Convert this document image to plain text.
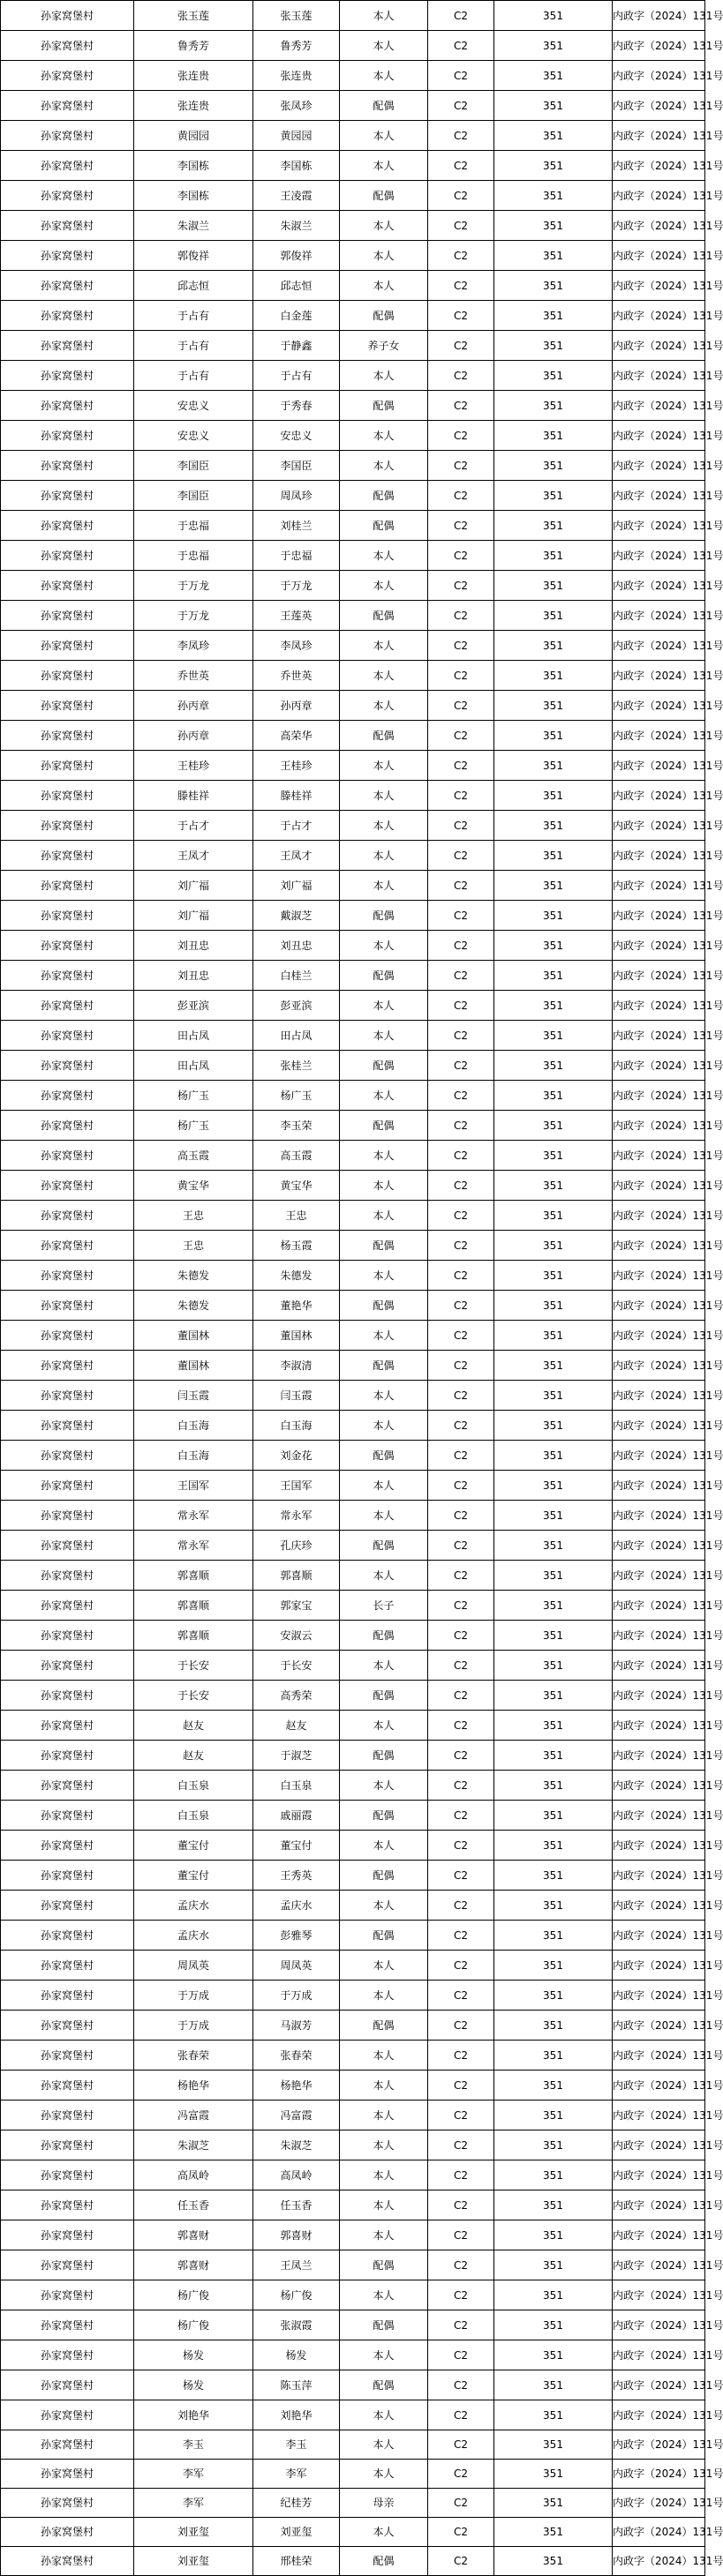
孙家窝堡村	张玉莲	张玉莲	本人	C2	351	内政字（2024）131号
孙家窝堡村	鲁秀芳	鲁秀芳	本人	C2	351	内政字（2024）131号
孙家窝堡村	张连贵	张连贵	本人	C2	351	内政字（2024）131号
孙家窝堡村	张连贵	张凤珍	配偶	C2	351	内政字（2024）131号
孙家窝堡村	黄园园	黄园园	本人	C2	351	内政字（2024）131号
孙家窝堡村	李国栋	李国栋	本人	C2	351	内政字（2024）131号
孙家窝堡村	李国栋	王凌霞	配偶	C2	351	内政字（2024）131号
孙家窝堡村	朱淑兰	朱淑兰	本人	C2	351	内政字（2024）131号
孙家窝堡村	郭俊祥	郭俊祥	本人	C2	351	内政字（2024）131号
孙家窝堡村	邱志恒	邱志恒	本人	C2	351	内政字（2024）131号
孙家窝堡村	于占有	白金莲	配偶	C2	351	内政字（2024）131号
孙家窝堡村	于占有	于静鑫	养子女	C2	351	内政字（2024）131号
孙家窝堡村	于占有	于占有	本人	C2	351	内政字（2024）131号
孙家窝堡村	安忠义	于秀春	配偶	C2	351	内政字（2024）131号
孙家窝堡村	安忠义	安忠义	本人	C2	351	内政字（2024）131号
孙家窝堡村	李国臣	李国臣	本人	C2	351	内政字（2024）131号
孙家窝堡村	李国臣	周凤珍	配偶	C2	351	内政字（2024）131号
孙家窝堡村	于忠福	刘桂兰	配偶	C2	351	内政字（2024）131号
孙家窝堡村	于忠福	于忠福	本人	C2	351	内政字（2024）131号
孙家窝堡村	于万龙	于万龙	本人	C2	351	内政字（2024）131号
孙家窝堡村	于万龙	王莲英	配偶	C2	351	内政字（2024）131号
孙家窝堡村	李凤珍	李凤珍	本人	C2	351	内政字（2024）131号
孙家窝堡村	乔世英	乔世英	本人	C2	351	内政字（2024）131号
孙家窝堡村	孙丙章	孙丙章	本人	C2	351	内政字（2024）131号
孙家窝堡村	孙丙章	高荣华	配偶	C2	351	内政字（2024）131号
孙家窝堡村	王桂珍	王桂珍	本人	C2	351	内政字（2024）131号
孙家窝堡村	滕桂祥	滕桂祥	本人	C2	351	内政字（2024）131号
孙家窝堡村	于占才	于占才	本人	C2	351	内政字（2024）131号
孙家窝堡村	王凤才	王凤才	本人	C2	351	内政字（2024）131号
孙家窝堡村	刘广福	刘广福	本人	C2	351	内政字（2024）131号
孙家窝堡村	刘广福	戴淑芝	配偶	C2	351	内政字（2024）131号
孙家窝堡村	刘丑忠	刘丑忠	本人	C2	351	内政字（2024）131号
孙家窝堡村	刘丑忠	白桂兰	配偶	C2	351	内政字（2024）131号
孙家窝堡村	彭亚滨	彭亚滨	本人	C2	351	内政字（2024）131号
孙家窝堡村	田占凤	田占凤	本人	C2	351	内政字（2024）131号
孙家窝堡村	田占凤	张桂兰	配偶	C2	351	内政字（2024）131号
孙家窝堡村	杨广玉	杨广玉	本人	C2	351	内政字（2024）131号
孙家窝堡村	杨广玉	李玉荣	配偶	C2	351	内政字（2024）131号
孙家窝堡村	高玉霞	高玉霞	本人	C2	351	内政字（2024）131号
孙家窝堡村	黄宝华	黄宝华	本人	C2	351	内政字（2024）131号
孙家窝堡村	王忠	王忠	本人	C2	351	内政字（2024）131号
孙家窝堡村	王忠	杨玉霞	配偶	C2	351	内政字（2024）131号
孙家窝堡村	朱德发	朱德发	本人	C2	351	内政字（2024）131号
孙家窝堡村	朱德发	董艳华	配偶	C2	351	内政字（2024）131号
孙家窝堡村	董国林	董国林	本人	C2	351	内政字（2024）131号
孙家窝堡村	董国林	李淑清	配偶	C2	351	内政字（2024）131号
孙家窝堡村	闫玉霞	闫玉霞	本人	C2	351	内政字（2024）131号
孙家窝堡村	白玉海	白玉海	本人	C2	351	内政字（2024）131号
孙家窝堡村	白玉海	刘金花	配偶	C2	351	内政字（2024）131号
孙家窝堡村	王国军	王国军	本人	C2	351	内政字（2024）131号
孙家窝堡村	常永军	常永军	本人	C2	351	内政字（2024）131号
孙家窝堡村	常永军	孔庆珍	配偶	C2	351	内政字（2024）131号
孙家窝堡村	郭喜顺	郭喜顺	本人	C2	351	内政字（2024）131号
孙家窝堡村	郭喜顺	郭家宝	长子	C2	351	内政字（2024）131号
孙家窝堡村	郭喜顺	安淑云	配偶	C2	351	内政字（2024）131号
孙家窝堡村	于长安	于长安	本人	C2	351	内政字（2024）131号
孙家窝堡村	于长安	高秀荣	配偶	C2	351	内政字（2024）131号
孙家窝堡村	赵友	赵友	本人	C2	351	内政字（2024）131号
孙家窝堡村	赵友	于淑芝	配偶	C2	351	内政字（2024）131号
孙家窝堡村	白玉泉	白玉泉	本人	C2	351	内政字（2024）131号
孙家窝堡村	白玉泉	戚丽霞	配偶	C2	351	内政字（2024）131号
孙家窝堡村	董宝付	董宝付	本人	C2	351	内政字（2024）131号
孙家窝堡村	董宝付	王秀英	配偶	C2	351	内政字（2024）131号
孙家窝堡村	孟庆水	孟庆水	本人	C2	351	内政字（2024）131号
孙家窝堡村	孟庆水	彭雅琴	配偶	C2	351	内政字（2024）131号
孙家窝堡村	周凤英	周凤英	本人	C2	351	内政字（2024）131号
孙家窝堡村	于万成	于万成	本人	C2	351	内政字（2024）131号
孙家窝堡村	于万成	马淑芳	配偶	C2	351	内政字（2024）131号
孙家窝堡村	张春荣	张春荣	本人	C2	351	内政字（2024）131号
孙家窝堡村	杨艳华	杨艳华	本人	C2	351	内政字（2024）131号
孙家窝堡村	冯富霞	冯富霞	本人	C2	351	内政字（2024）131号
孙家窝堡村	朱淑芝	朱淑芝	本人	C2	351	内政字（2024）131号
孙家窝堡村	高凤岭	高凤岭	本人	C2	351	内政字（2024）131号
孙家窝堡村	任玉香	任玉香	本人	C2	351	内政字（2024）131号
孙家窝堡村	郭喜财	郭喜财	本人	C2	351	内政字（2024）131号
孙家窝堡村	郭喜财	王凤兰	配偶	C2	351	内政字（2024）131号
孙家窝堡村	杨广俊	杨广俊	本人	C2	351	内政字（2024）131号
孙家窝堡村	杨广俊	张淑霞	配偶	C2	351	内政字（2024）131号
孙家窝堡村	杨发	杨发	本人	C2	351	内政字（2024）131号
孙家窝堡村	杨发	陈玉萍	配偶	C2	351	内政字（2024）131号
孙家窝堡村	刘艳华	刘艳华	本人	C2	351	内政字（2024）131号
孙家窝堡村	李玉	李玉	本人	C2	351	内政字（2024）131号
孙家窝堡村	李军	李军	本人	C2	351	内政字（2024）131号
孙家窝堡村	李军	纪桂芳	母亲	C2	351	内政字（2024）131号
孙家窝堡村	刘亚玺	刘亚玺	本人	C2	351	内政字（2024）131号
孙家窝堡村	刘亚玺	邢桂荣	配偶	C2	351	内政字（2024）131号
